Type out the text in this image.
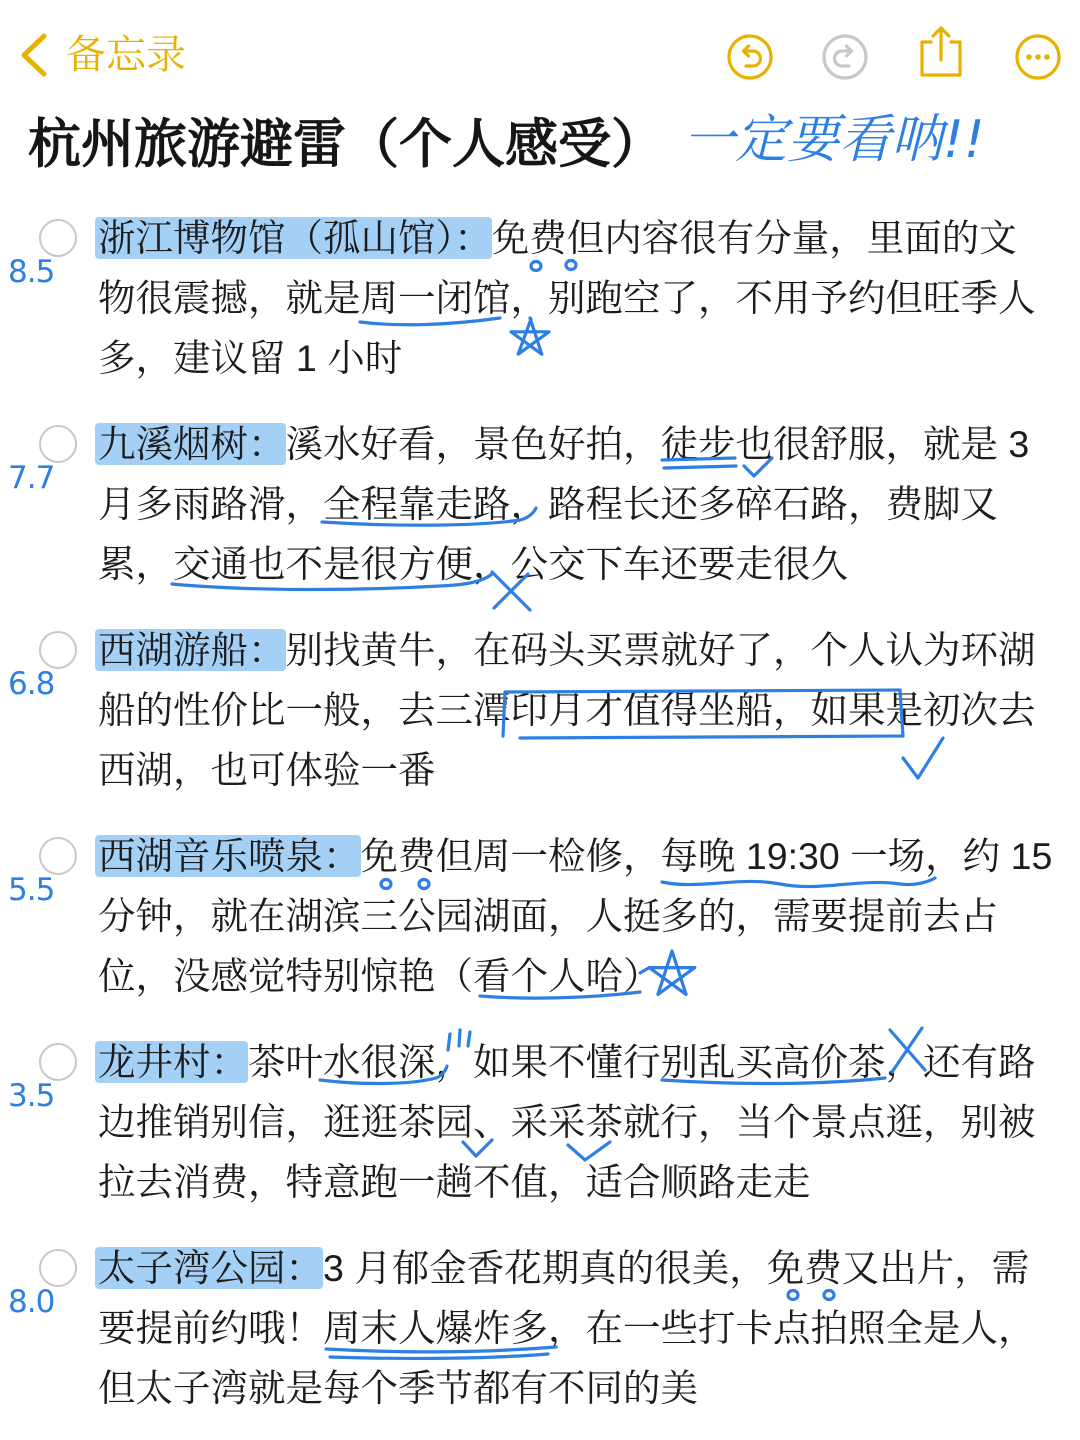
备忘录
杭州旅游避雷（个人感受） 一定要看呐!!
8.5
浙江博物馆（孤山馆）：免费但内容很有分量，里面的文
物很震撼，就是周一闭馆，别跑空了，不用予约但旺季人
多，建议留 1 小时
7.7
九溪烟树：溪水好看，景色好拍，徒步也很舒服，就是 3
月多雨路滑，全程靠走路，路程长还多碎石路，费脚又
累，交通也不是很方便，公交下车还要走很久
6.8
西湖游船：别找黄牛，在码头买票就好了，个人认为环湖
船的性价比一般，去三潭印月才值得坐船，如果是初次去
西湖，也可体验一番
5.5
西湖音乐喷泉：免费但周一检修，每晚 19:30 一场，约 15
分钟，就在湖滨三公园湖面，人挺多的，需要提前去占
位，没感觉特别惊艳（看个人哈）
3.5
龙井村：茶叶水很深，如果不懂行别乱买高价茶，还有路
边推销别信，逛逛茶园、采采茶就行，当个景点逛，别被
拉去消费，特意跑一趟不值，适合顺路走走
8.0
太子湾公园：3 月郁金香花期真的很美，免费又出片，需
要提前约哦！周末人爆炸多，在一些打卡点拍照全是人，
但太子湾就是每个季节都有不同的美
